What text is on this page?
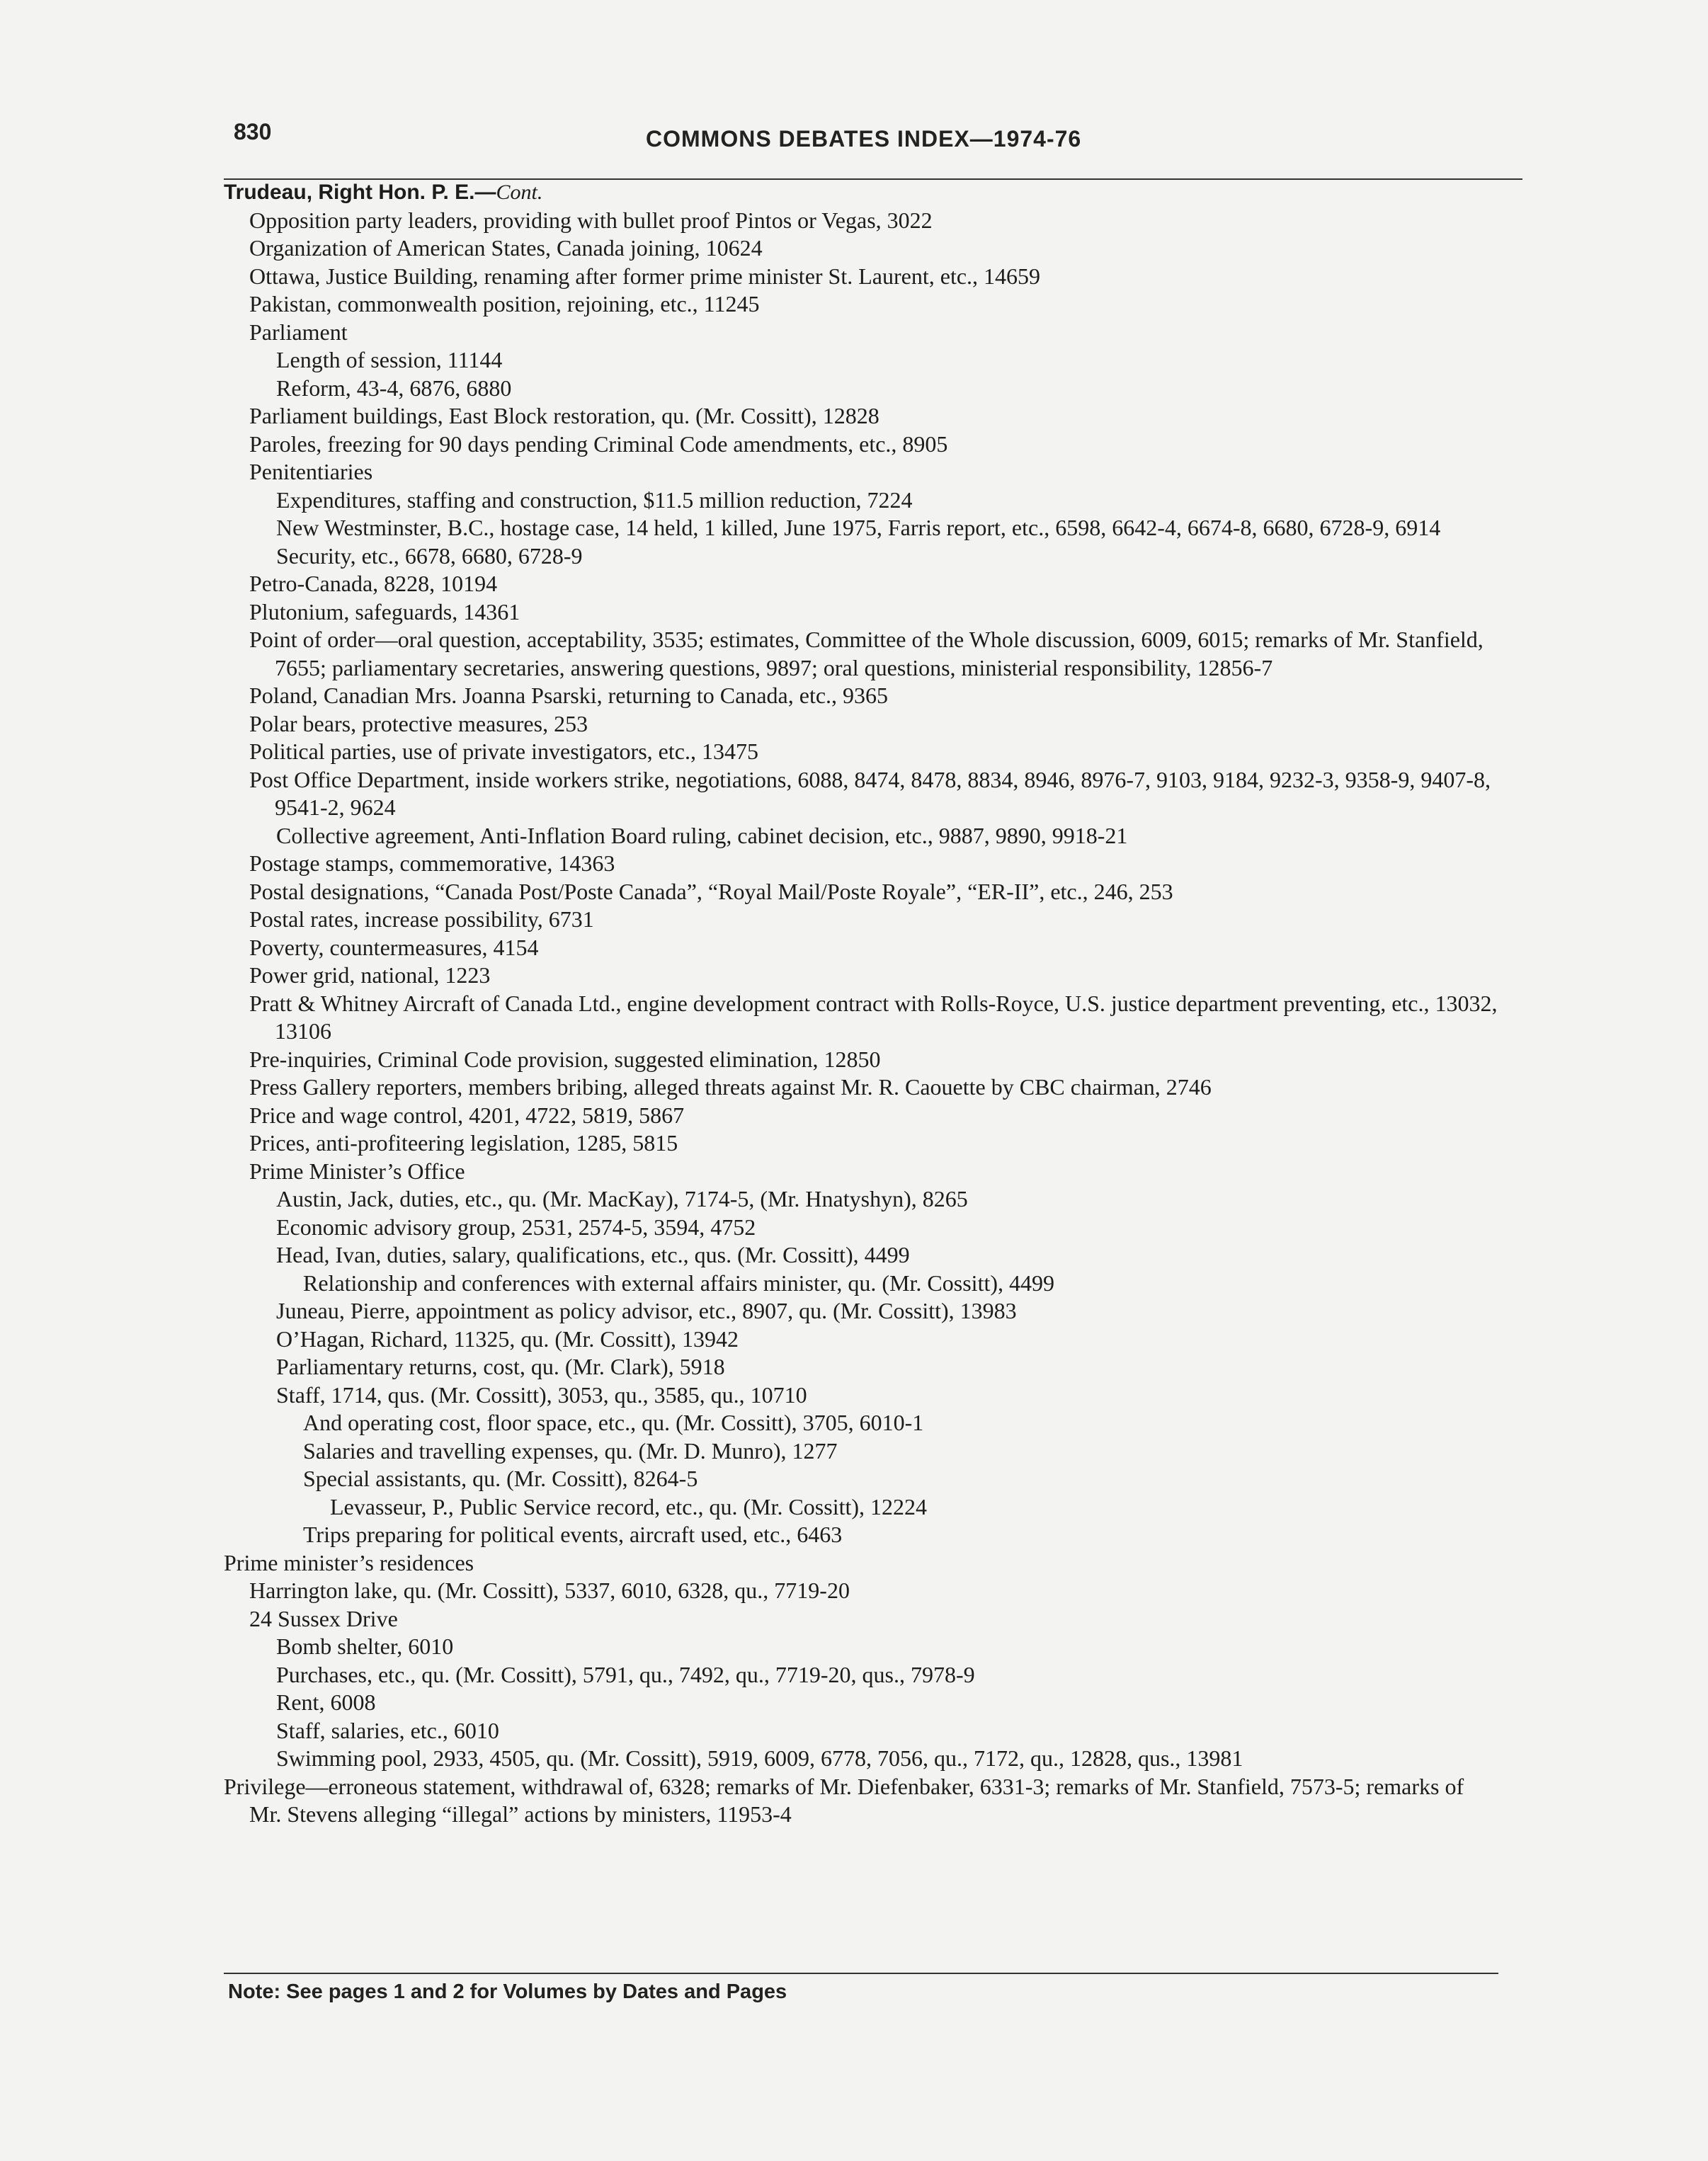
830	COMMONS DEBATES INDEX—1974-76
Trudeau, Right Hon. P. E.—Cont.
Opposition party leaders, providing with bullet proof Pintos or Vegas, 3022
Organization of American States, Canada joining, 10624
Ottawa, Justice Building, renaming after former prime minister St. Laurent, etc., 14659
Pakistan, commonwealth position, rejoining, etc., 11245
Parliament
Length of session, 11144
Reform, 43-4, 6876, 6880
Parliament buildings, East Block restoration, qu. (Mr. Cossitt), 12828
Paroles, freezing for 90 days pending Criminal Code amendments, etc., 8905
Penitentiaries
Expenditures, staffing and construction, $11.5 million reduction, 7224
New Westminster, B.C., hostage case, 14 held, 1 killed, June 1975, Farris report, etc., 6598, 6642-4, 6674-8, 6680, 6728-9, 6914
Security, etc., 6678, 6680, 6728-9
Petro-Canada, 8228, 10194
Plutonium, safeguards, 14361
Point of order—oral question, acceptability, 3535; estimates, Committee of the Whole discussion, 6009, 6015; remarks of Mr. Stanfield, 7655; parliamentary secretaries, answering questions, 9897; oral questions, ministerial responsibility, 12856-7
Poland, Canadian Mrs. Joanna Psarski, returning to Canada, etc., 9365
Polar bears, protective measures, 253
Political parties, use of private investigators, etc., 13475
Post Office Department, inside workers strike, negotiations, 6088, 8474, 8478, 8834, 8946, 8976-7, 9103, 9184, 9232-3, 9358-9, 9407-8, 9541-2, 9624
Collective agreement, Anti-Inflation Board ruling, cabinet decision, etc., 9887, 9890, 9918-21
Postage stamps, commemorative, 14363
Postal designations, “Canada Post/Poste Canada”, “Royal Mail/Poste Royale”, “ER-II”, etc., 246, 253
Postal rates, increase possibility, 6731
Poverty, countermeasures, 4154
Power grid, national, 1223
Pratt & Whitney Aircraft of Canada Ltd., engine development contract with Rolls-Royce, U.S. justice department preventing, etc., 13032, 13106
Pre-inquiries, Criminal Code provision, suggested elimination, 12850
Press Gallery reporters, members bribing, alleged threats against Mr. R. Caouette by CBC chairman, 2746
Price and wage control, 4201, 4722, 5819, 5867
Prices, anti-profiteering legislation, 1285, 5815
Prime Minister’s Office
Austin, Jack, duties, etc., qu. (Mr. MacKay), 7174-5, (Mr. Hnatyshyn), 8265
Economic advisory group, 2531, 2574-5, 3594, 4752
Head, Ivan, duties, salary, qualifications, etc., qus. (Mr. Cossitt), 4499
Relationship and conferences with external affairs minister, qu. (Mr. Cossitt), 4499
Juneau, Pierre, appointment as policy advisor, etc., 8907, qu. (Mr. Cossitt), 13983
O’Hagan, Richard, 11325, qu. (Mr. Cossitt), 13942
Parliamentary returns, cost, qu. (Mr. Clark), 5918
Staff, 1714, qus. (Mr. Cossitt), 3053, qu., 3585, qu., 10710
And operating cost, floor space, etc., qu. (Mr. Cossitt), 3705, 6010-1
Salaries and travelling expenses, qu. (Mr. D. Munro), 1277
Special assistants, qu. (Mr. Cossitt), 8264-5
Levasseur, P., Public Service record, etc., qu. (Mr. Cossitt), 12224
Trips preparing for political events, aircraft used, etc., 6463
Prime minister’s residences
Harrington lake, qu. (Mr. Cossitt), 5337, 6010, 6328, qu., 7719-20
24 Sussex Drive
Bomb shelter, 6010
Purchases, etc., qu. (Mr. Cossitt), 5791, qu., 7492, qu., 7719-20, qus., 7978-9
Rent, 6008
Staff, salaries, etc., 6010
Swimming pool, 2933, 4505, qu. (Mr. Cossitt), 5919, 6009, 6778, 7056, qu., 7172, qu., 12828, qus., 13981
Privilege—erroneous statement, withdrawal of, 6328; remarks of Mr. Diefenbaker, 6331-3; remarks of Mr. Stanfield, 7573-5; remarks of Mr. Stevens alleging “illegal” actions by ministers, 11953-4
Note: See pages 1 and 2 for Volumes by Dates and Pages
